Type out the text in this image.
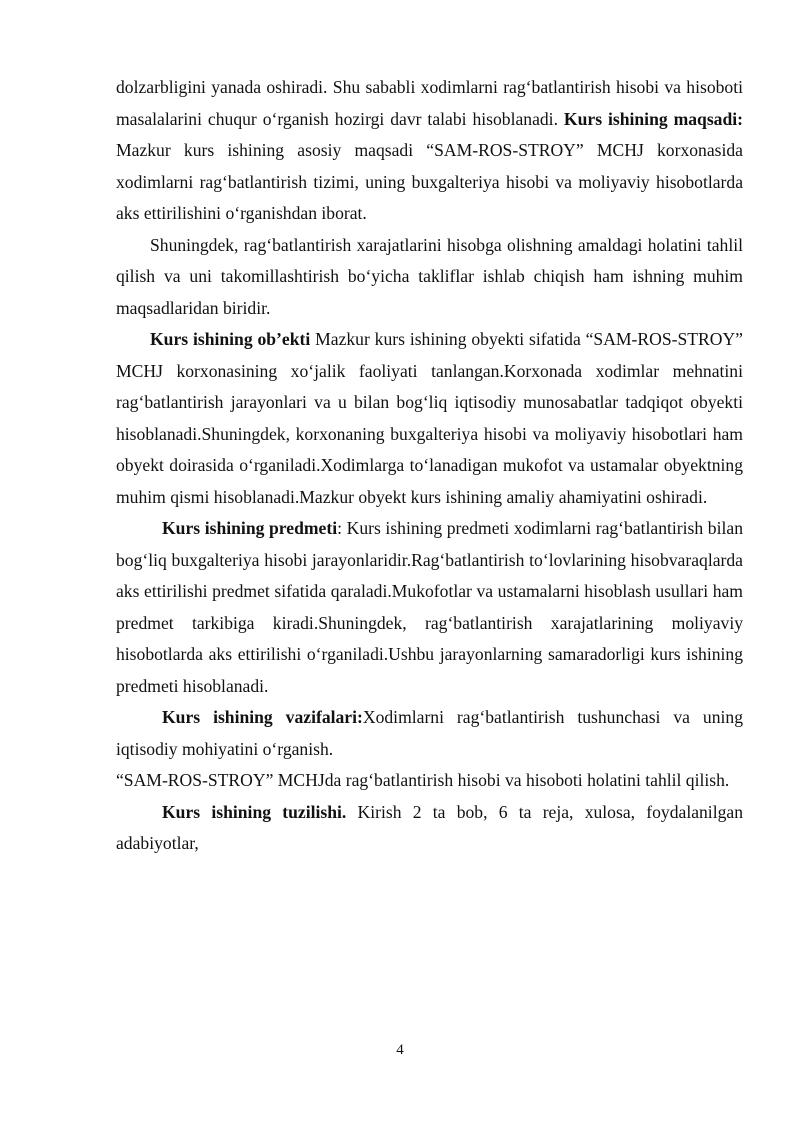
dolzarbligini yanada oshiradi. Shu sababli xodimlarni rag‘batlantirish hisobi va hisoboti masalalarini chuqur o‘rganish hozirgi davr talabi hisoblanadi. Kurs ishining maqsadi: Mazkur kurs ishining asosiy maqsadi “SAM-ROS-STROY” MCHJ korxonasida xodimlarni rag‘batlantirish tizimi, uning buxgalteriya hisobi va moliyaviy hisobotlarda aks ettirilishini o‘rganishdan iborat.

Shuningdek, rag‘batlantirish xarajatlarini hisobga olishning amaldagi holatini tahlil qilish va uni takomillashtirish bo‘yicha takliflar ishlab chiqish ham ishning muhim maqsadlaridan biridir.

Kurs ishining ob’ekti Mazkur kurs ishining obyekti sifatida “SAM-ROS-STROY” MCHJ korxonasining xo‘jalik faoliyati tanlangan.Korxonada xodimlar mehnatini rag‘batlantirish jarayonlari va u bilan bog‘liq iqtisodiy munosabatlar tadqiqot obyekti hisoblanadi.Shuningdek, korxonaning buxgalteriya hisobi va moliyaviy hisobotlari ham obyekt doirasida o‘rganiladi.Xodimlarga to‘lanadigan mukofot va ustamalar obyektning muhim qismi hisoblanadi.Mazkur obyekt kurs ishining amaliy ahamiyatini oshiradi.

Kurs ishining predmeti: Kurs ishining predmeti xodimlarni rag‘batlantirish bilan bog‘liq buxgalteriya hisobi jarayonlaridir.Rag‘batlantirish to‘lovlarining hisobvaraqlarda aks ettirilishi predmet sifatida qaraladi.Mukofotlar va ustamalarni hisoblash usullari ham predmet tarkibiga kiradi.Shuningdek, rag‘batlantirish xarajatlarining moliyaviy hisobotlarda aks ettirilishi o‘rganiladi.Ushbu jarayonlarning samaradorligi kurs ishining predmeti hisoblanadi.

Kurs ishining vazifalari:Xodimlarni rag‘batlantirish tushunchasi va uning iqtisodiy mohiyatini o‘rganish.

“SAM-ROS-STROY” MCHJda rag‘batlantirish hisobi va hisoboti holatini tahlil qilish.

Kurs ishining tuzilishi. Kirish 2 ta bob, 6 ta reja, xulosa, foydalanilgan adabiyotlar,

4
